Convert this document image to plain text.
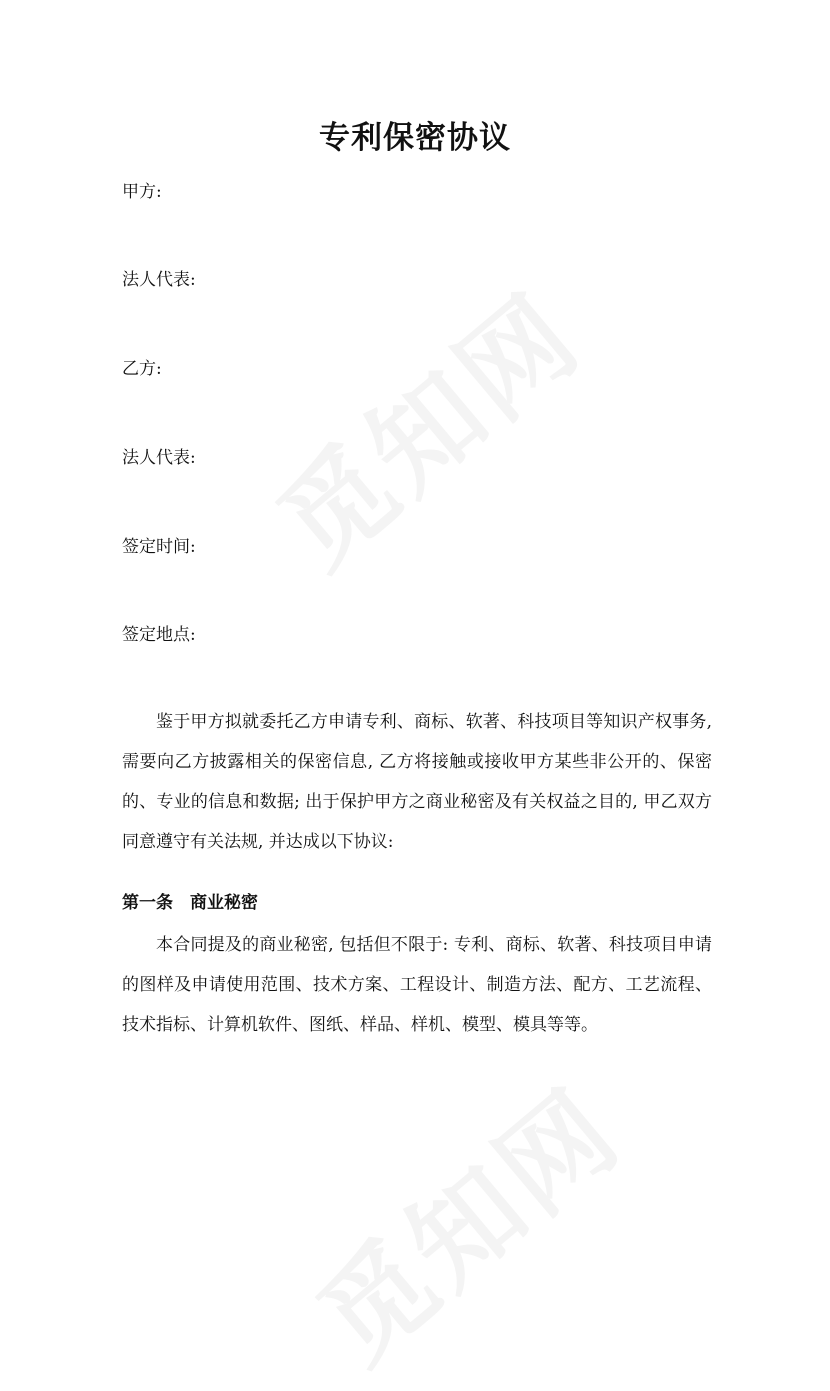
觅知网
觅知网
专利保密协议
甲方:
法人代表:
乙方:
法人代表:
签定时间:
签定地点:
鉴于甲方拟就委托乙方申请专利、商标、软著、科技项目等知识产权事务, 需要向乙方披露相关的保密信息, 乙方将接触或接收甲方某些非公开的、保密的、专业的信息和数据; 出于保护甲方之商业秘密及有关权益之目的, 甲乙双方同意遵守有关法规, 并达成以下协议:
第一条　商业秘密
本合同提及的商业秘密, 包括但不限于: 专利、商标、软著、科技项目申请的图样及申请使用范围、技术方案、工程设计、制造方法、配方、工艺流程、技术指标、计算机软件、图纸、样品、样机、模型、模具等等。
